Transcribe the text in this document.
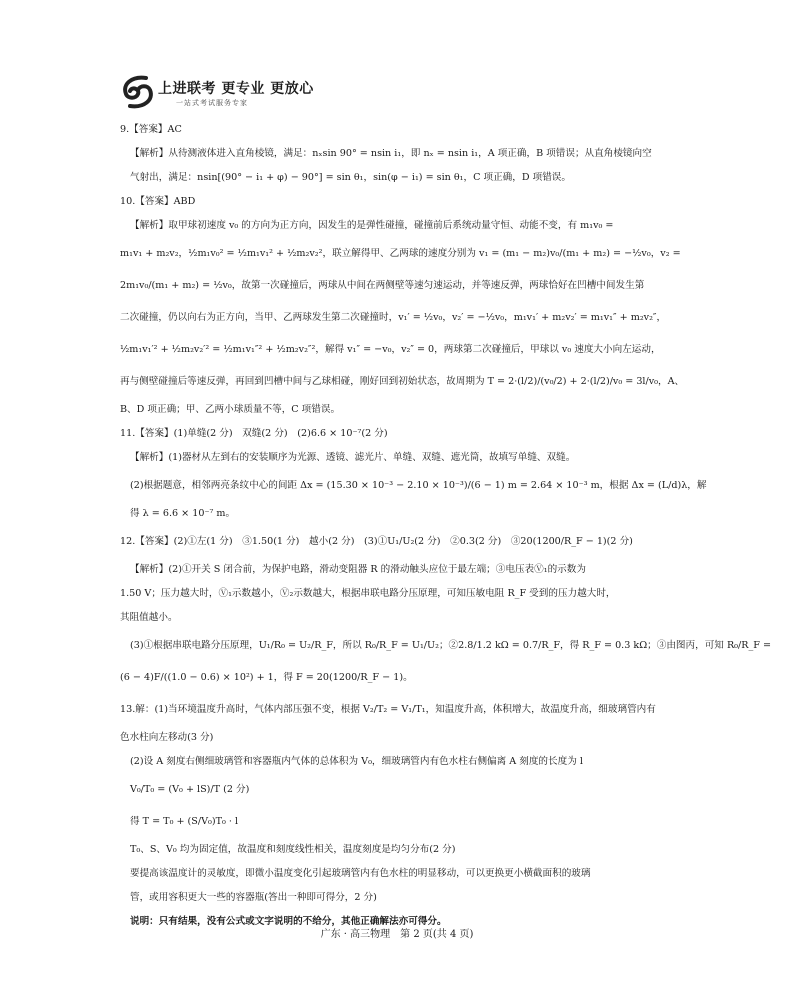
上进联考 更专业 更放心
一站式考试服务专家
9.【答案】AC
【解析】从待测液体进入直角棱镜，满足：nₓsin 90° = nsin i₁，即 nₓ = nsin i₁，A 项正确，B 项错误；从直角棱镜向空
气射出，满足：nsin[(90° − i₁ + φ) − 90°] = sin θ₁，sin(φ − i₁) = sin θ₁，C 项正确，D 项错误。
10.【答案】ABD
【解析】取甲球初速度 v₀ 的方向为正方向，因发生的是弹性碰撞，碰撞前后系统动量守恒、动能不变，有 m₁v₀ =
m₁v₁ + m₂v₂，½m₁v₀² = ½m₁v₁² + ½m₂v₂²，联立解得甲、乙两球的速度分别为 v₁ = (m₁ − m₂)v₀/(m₁ + m₂) = −½v₀，v₂ =
2m₁v₀/(m₁ + m₂) = ½v₀，故第一次碰撞后，两球从中间在两侧壁等速匀速运动，并等速反弹，两球恰好在凹槽中间发生第
二次碰撞，仍以向右为正方向，当甲、乙两球发生第二次碰撞时，v₁′ = ½v₀，v₂′ = −½v₀，m₁v₁′ + m₂v₂′ = m₁v₁″ + m₂v₂″，
½m₁v₁′² + ½m₂v₂′² = ½m₁v₁″² + ½m₂v₂″²，解得 v₁″ = −v₀，v₂″ = 0，两球第二次碰撞后，甲球以 v₀ 速度大小向左运动，
再与侧壁碰撞后等速反弹，再回到凹槽中间与乙球相碰，刚好回到初始状态，故周期为 T = 2·(l/2)/(v₀/2) + 2·(l/2)/v₀ = 3l/v₀，A、
B、D 项正确；甲、乙两小球质量不等，C 项错误。
11.【答案】(1)单缝(2 分)　双缝(2 分)　(2)6.6 × 10⁻⁷(2 分)
【解析】(1)器材从左到右的安装顺序为光源、透镜、滤光片、单缝、双缝、遮光筒，故填写单缝、双缝。
(2)根据题意，相邻两亮条纹中心的间距 Δx = (15.30 × 10⁻³ − 2.10 × 10⁻³)/(6 − 1) m = 2.64 × 10⁻³ m，根据 Δx = (L/d)λ，解
得 λ = 6.6 × 10⁻⁷ m。
12.【答案】(2)①左(1 分)　③1.50(1 分)　越小(2 分)　(3)①U₁/U₂(2 分)　②0.3(2 分)　③20(1200/R_F − 1)(2 分)
【解析】(2)①开关 S 闭合前，为保护电路，滑动变阻器 R 的滑动触头应位于最左端；③电压表Ⓥ₁的示数为
1.50 V；压力越大时，Ⓥ₁示数越小，Ⓥ₂示数越大，根据串联电路分压原理，可知压敏电阻 R_F 受到的压力越大时，
其阻值越小。
(3)①根据串联电路分压原理，U₁/R₀ = U₂/R_F，所以 R₀/R_F = U₁/U₂；②2.8/1.2 kΩ = 0.7/R_F，得 R_F = 0.3 kΩ；③由图丙，可知 R₀/R_F =
(6 − 4)F/((1.0 − 0.6) × 10²) + 1，得 F = 20(1200/R_F − 1)。
13.解：(1)当环境温度升高时，气体内部压强不变，根据 V₂/T₂ = V₁/T₁，知温度升高，体积增大，故温度升高，细玻璃管内有
色水柱向左移动(3 分)
(2)设 A 刻度右侧细玻璃管和容器瓶内气体的总体积为 V₀，细玻璃管内有色水柱右侧偏离 A 刻度的长度为 l
V₀/T₀ = (V₀ + lS)/T (2 分)
得 T = T₀ + (S/V₀)T₀ · l
T₀、S、V₀ 均为固定值，故温度和刻度线性相关，温度刻度是均匀分布(2 分)
要提高该温度计的灵敏度，即微小温度变化引起玻璃管内有色水柱的明显移动，可以更换更小横截面积的玻璃
管，或用容积更大一些的容器瓶(答出一种即可得分，2 分)
说明：只有结果，没有公式或文字说明的不给分，其他正确解法亦可得分。
广东 · 高三物理　第 2 页(共 4 页)
